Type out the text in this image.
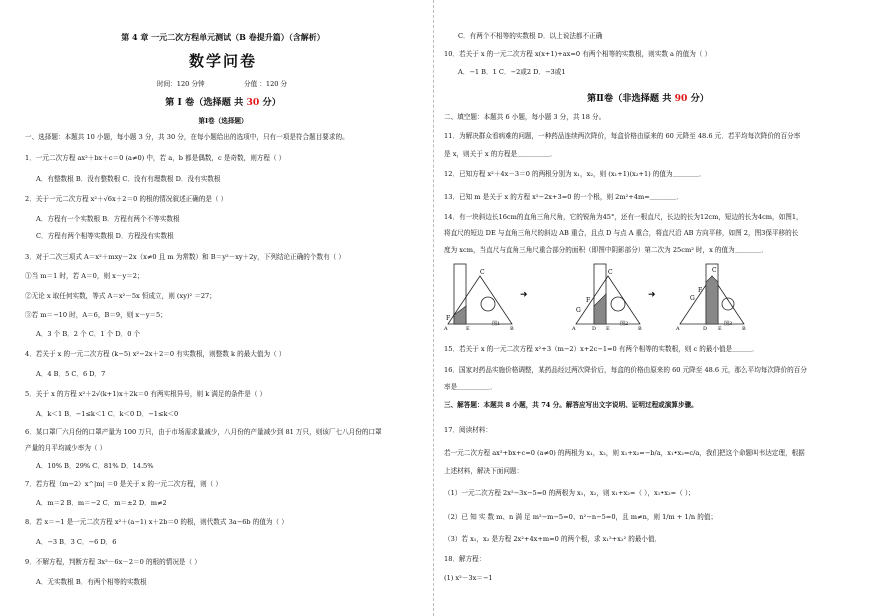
第 4 章 一元二次方程单元测试（B 卷提升篇）（含解析）
数学问卷
时间：120 分钟	分值 ：120 分
第 Ⅰ 卷（选择题 共 30 分）
第Ⅰ卷（选择题）
一、选择题：本题共 10 小题，每小题 3 分，共 30 分，在每小题给出的选项中，只有一项是符合题目要求的。
1．一元二次方程 ax²＋bx＋c＝0 (a≠0) 中，若 a，b 都是偶数，c 是奇数，则方程（ ）
A．有整数根 B．没有整数根 C．没有有理数根 D．没有实数根
2．关于一元二次方程 x²＋√6x＋2＝0 的根的情况叙述正确的是（ ）
A．方程有一个实数根 B．方程有两个不等实数根
C．方程有两个相等实数根 D．方程没有实数根
3．对于二次三项式 A＝x²＋mxy－2x（x≠0 且 m 为常数）和 B＝y²－xy＋2y，下列结论正确的个数有（ ）
①当 m＝1 时，若 A＝0，则 x－y＝2；
②无论 x 取任何实数，等式 A＝x²－5x 恒成立，则 (xy)² ＝27；
③若 m＝−10 时，A＝6，B＝9，则 x－y＝5；
A．3 个 B．2 个 C．1 个 D．0 个
4．若关于 x 的一元二次方程 (k−5) x²−2x＋2＝0 有实数根，则整数 k 的最大值为（ ）
A．4 B．5 C．6 D．7
5．关于 x 的方程 x²＋2√(k+1)x＋2k＝0 有两实根异号，则 k 满足的条件是（ ）
A．k＜1 B．−1≤k＜1 C．k＜0 D．−1≤k＜0
6．某口罩厂六月份的口罩产量为 100 万只，由于市场需求量减少，八月份的产量减少到 81 万只，则该厂七八月份的口罩
产量的月平均减少率为（ ）
A．10% B．29% C．81% D．14.5%
7．若方程（m−2）x^|m| ＝0 是关于 x 的一元二次方程，则（ ）
A．m＝2 B．m＝−2 C．m＝±2 D．m≠2
8．若 x＝−1 是一元二次方程 x²＋(a−1) x＋2b＝0 的根，则代数式 3a−6b 的值为（ ）
A．−3 B．3 C．−6 D．6
9．不解方程，判断方程 3x²－6x－2＝0 的根的情况是（ ）
A．无实数根 B．有两个相等的实数根
C．有两个不相等的实数根 D．以上说法都不正确
10．若关于 x 的一元二次方程 x(x+1)+ax=0 有两个相等的实数根，则实数 a 的值为（ ）
A．−1 B．1 C．−2或2 D．−3或1
第Ⅱ卷（非选择题 共 90 分）
二、填空题：本题共 6 小题，每小题 3 分，共 18 分。
11．为解决群众看病难的问题，一种药品连续两次降价，每盒价格由原来的 60 元降至 48.6 元．若平均每次降价的百分率
是 x，则关于 x 的方程是＿＿＿＿＿．
12．已知方程 x²＋4x－3＝0 的两根分别为 x₁，x₂，则 (x₁+1)(x₂+1) 的值为＿＿＿＿．
13．已知 m 是关于 x 的方程 x²−2x+3=0 的一个根，则 2m²+4m=＿＿＿＿．
14．有一块斜边长16cm的直角三角尺角，它的锐角为45°，还有一根直尺，长边的长为12cm，短边的长为4cm，如图1，
将直尺的短边 DE 与直角三角尺的斜边 AB 重合，且点 D 与点 A 重合，将直尺沿 AB 方向平移，如图 2，图3保平移的长
度为 xcm，当直尺与直角三角尺重合部分的面积（即图中阴影部分）第二次为 25cm² 时，x 的值为＿＿＿＿．
C
F
A	E	B
图1
➜
C
F
G
A	D E	B
图2
➜
C
F
G
A	D E	B
图3
15．若关于 x 的一元二次方程 x²+3（m−2）x+2c−1=0 有两个相等的实数根，则 c 的最小值是＿＿＿．
16．国家对药品实施价格调整，某药品经过两次降价后，每盒的价格由原来的 60 元降至 48.6 元，那么平均每次降价的百分
率是＿＿＿＿＿．
三、解答题：本题共 8 小题，共 74 分。解答应写出文字说明、证明过程或演算步骤。
17．阅读材料：
若一元二次方程 ax²+bx+c=0 (a≠0) 的两根为 x₁，x₂，则 x₁+x₂=−b/a，x₁•x₂=c/a，我们把这个命题叫韦达定理，根据
上述材料，解决下面问题：
（1）一元二次方程 2x²−3x−5=0 的两根为 x₁，x₂，则 x₁+x₂=（ ），x₁•x₂=（ ）；
（2）已 知 实 数 m、n 满 足 m²−m−5=0、n²−n−5=0，且 m≠n，则 1/m + 1/n 的值；
（3）若 x₁，x₂ 是方程 2x²+4x+m=0 的两个根，求 x₁²+x₂² 的最小值．
18．解方程：
(1) x²－3x＝−1
